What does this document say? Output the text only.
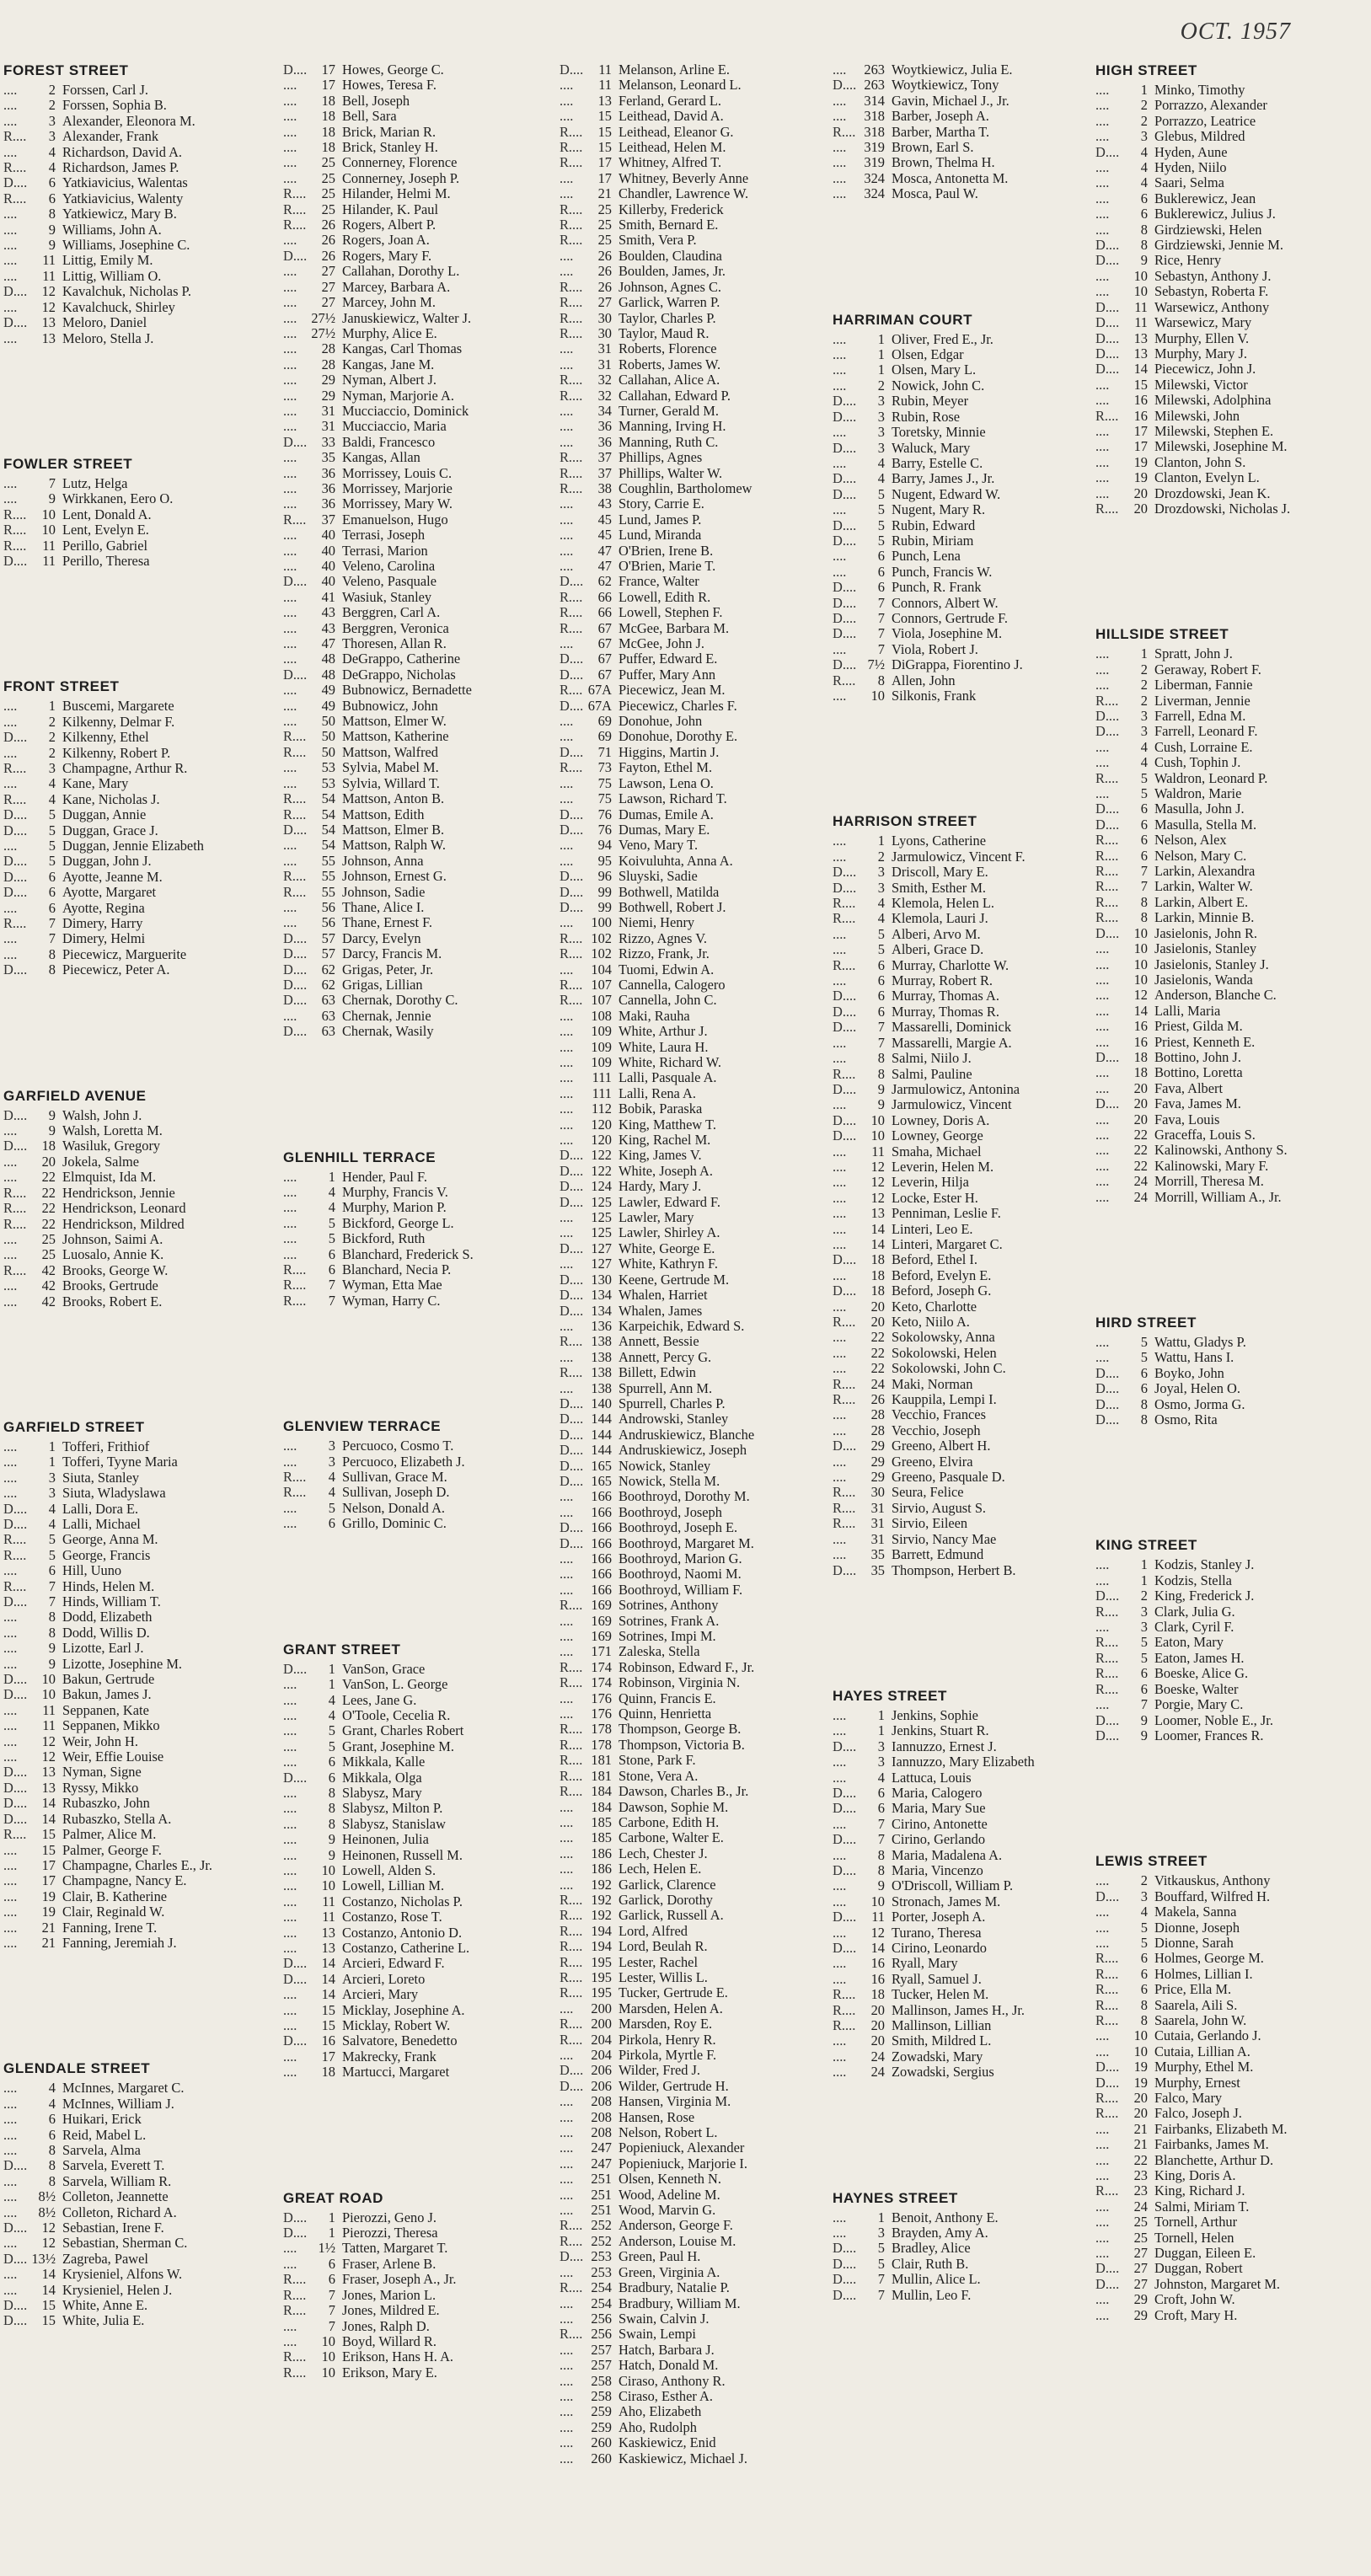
OCT. 1957
FOREST STREET
....	2 Forssen, Carl J.
....	2 Forssen, Sophia B.
....	3 Alexander, Eleonora M.
R....	3 Alexander, Frank
....	4 Richardson, David A.
R....	4 Richardson, James P.
D....	6 Yatkiavicius, Walentas
R....	6 Yatkiavicius, Walenty
....	8 Yatkiewicz, Mary B.
....	9 Williams, John A.
....	9 Williams, Josephine C.
....	11 Littig, Emily M.
....	11 Littig, William O.
D....	12 Kavalchuk, Nicholas P.
....	12 Kavalchuck, Shirley
D....	13 Meloro, Daniel
....	13 Meloro, Stella J.
FOWLER STREET
....	7 Lutz, Helga
....	9 Wirkkanen, Eero O.
R....	10 Lent, Donald A.
R....	10 Lent, Evelyn E.
R....	11 Perillo, Gabriel
D....	11 Perillo, Theresa
FRONT STREET
....	1 Buscemi, Margarete
....	2 Kilkenny, Delmar F.
D....	2 Kilkenny, Ethel
....	2 Kilkenny, Robert P.
R....	3 Champagne, Arthur R.
....	4 Kane, Mary
R....	4 Kane, Nicholas J.
D....	5 Duggan, Annie
D....	5 Duggan, Grace J.
....	5 Duggan, Jennie Elizabeth
D....	5 Duggan, John J.
D....	6 Ayotte, Jeanne M.
D....	6 Ayotte, Margaret
....	6 Ayotte, Regina
R....	7 Dimery, Harry
....	7 Dimery, Helmi
....	8 Piecewicz, Marguerite
D....	8 Piecewicz, Peter A.
GARFIELD AVENUE
D....	9 Walsh, John J.
....	9 Walsh, Loretta M.
D....	18 Wasiluk, Gregory
....	20 Jokela, Salme
....	22 Elmquist, Ida M.
R....	22 Hendrickson, Jennie
R....	22 Hendrickson, Leonard
R....	22 Hendrickson, Mildred
....	25 Johnson, Saimi A.
....	25 Luosalo, Annie K.
R....	42 Brooks, George W.
....	42 Brooks, Gertrude
....	42 Brooks, Robert E.
GARFIELD STREET
....	1 Tofferi, Frithiof
....	1 Tofferi, Tyyne Maria
....	3 Siuta, Stanley
....	3 Siuta, Wladyslawa
D....	4 Lalli, Dora E.
D....	4 Lalli, Michael
R....	5 George, Anna M.
R....	5 George, Francis
....	6 Hill, Uuno
R....	7 Hinds, Helen M.
D....	7 Hinds, William T.
....	8 Dodd, Elizabeth
....	8 Dodd, Willis D.
....	9 Lizotte, Earl J.
....	9 Lizotte, Josephine M.
D....	10 Bakun, Gertrude
D....	10 Bakun, James J.
....	11 Seppanen, Kate
....	11 Seppanen, Mikko
....	12 Weir, John H.
....	12 Weir, Effie Louise
D....	13 Nyman, Signe
D....	13 Ryssy, Mikko
D....	14 Rubaszko, John
D....	14 Rubaszko, Stella A.
R....	15 Palmer, Alice M.
....	15 Palmer, George F.
....	17 Champagne, Charles E., Jr.
....	17 Champagne, Nancy E.
....	19 Clair, B. Katherine
....	19 Clair, Reginald W.
....	21 Fanning, Irene T.
....	21 Fanning, Jeremiah J.
GLENDALE STREET
....	4 McInnes, Margaret C.
....	4 McInnes, William J.
....	6 Huikari, Erick
....	6 Reid, Mabel L.
....	8 Sarvela, Alma
D....	8 Sarvela, Everett T.
....	8 Sarvela, William R.
....	8½ Colleton, Jeannette
....	8½ Colleton, Richard A.
D....	12 Sebastian, Irene F.
....	12 Sebastian, Sherman C.
D.... 13½ Zagreba, Pawel
....	14 Krysieniel, Alfons W.
....	14 Krysieniel, Helen J.
D....	15 White, Anne E.
D....	15 White, Julia E.
D....	17 Howes, George C.
....	17 Howes, Teresa F.
....	18 Bell, Joseph
....	18 Bell, Sara
....	18 Brick, Marian R.
....	18 Brick, Stanley H.
....	25 Connerney, Florence
....	25 Connerney, Joseph P.
R....	25 Hilander, Helmi M.
R....	25 Hilander, K. Paul
R....	26 Rogers, Albert P.
....	26 Rogers, Joan A.
D....	26 Rogers, Mary F.
....	27 Callahan, Dorothy L.
....	27 Marcey, Barbara A.
....	27 Marcey, John M.
....	27½ Januskiewicz, Walter J.
....	27½ Murphy, Alice E.
....	28 Kangas, Carl Thomas
....	28 Kangas, Jane M.
....	29 Nyman, Albert J.
....	29 Nyman, Marjorie A.
....	31 Mucciaccio, Dominick
....	31 Mucciaccio, Maria
D....	33 Baldi, Francesco
....	35 Kangas, Allan
....	36 Morrissey, Louis C.
....	36 Morrissey, Marjorie
....	36 Morrissey, Mary W.
R....	37 Emanuelson, Hugo
....	40 Terrasi, Joseph
....	40 Terrasi, Marion
....	40 Veleno, Carolina
D....	40 Veleno, Pasquale
....	41 Wasiuk, Stanley
....	43 Berggren, Carl A.
....	43 Berggren, Veronica
....	47 Thoresen, Allan R.
....	48 DeGrappo, Catherine
D....	48 DeGrappo, Nicholas
....	49 Bubnowicz, Bernadette
....	49 Bubnowicz, John
....	50 Mattson, Elmer W.
R....	50 Mattson, Katherine
R....	50 Mattson, Walfred
....	53 Sylvia, Mabel M.
....	53 Sylvia, Willard T.
R....	54 Mattson, Anton B.
R....	54 Mattson, Edith
D....	54 Mattson, Elmer B.
....	54 Mattson, Ralph W.
....	55 Johnson, Anna
R....	55 Johnson, Ernest G.
R....	55 Johnson, Sadie
....	56 Thane, Alice I.
....	56 Thane, Ernest F.
D....	57 Darcy, Evelyn
D....	57 Darcy, Francis M.
D....	62 Grigas, Peter, Jr.
D....	62 Grigas, Lillian
D....	63 Chernak, Dorothy C.
....	63 Chernak, Jennie
D....	63 Chernak, Wasily
GLENHILL TERRACE
....	1 Hender, Paul F.
....	4 Murphy, Francis V.
....	4 Murphy, Marion P.
....	5 Bickford, George L.
....	5 Bickford, Ruth
....	6 Blanchard, Frederick S.
R....	6 Blanchard, Necia P.
R....	7 Wyman, Etta Mae
R....	7 Wyman, Harry C.
GLENVIEW TERRACE
....	3 Percuoco, Cosmo T.
....	3 Percuoco, Elizabeth J.
R....	4 Sullivan, Grace M.
R....	4 Sullivan, Joseph D.
....	5 Nelson, Donald A.
....	6 Grillo, Dominic C.
GRANT STREET
D....	1 VanSon, Grace
....	1 VanSon, L. George
....	4 Lees, Jane G.
....	4 O'Toole, Cecelia R.
....	5 Grant, Charles Robert
....	5 Grant, Josephine M.
....	6 Mikkala, Kalle
D....	6 Mikkala, Olga
....	8 Slabysz, Mary
....	8 Slabysz, Milton P.
....	8 Slabysz, Stanislaw
....	9 Heinonen, Julia
....	9 Heinonen, Russell M.
....	10 Lowell, Alden S.
....	10 Lowell, Lillian M.
....	11 Costanzo, Nicholas P.
....	11 Costanzo, Rose T.
....	13 Costanzo, Antonio D.
....	13 Costanzo, Catherine L.
D....	14 Arcieri, Edward F.
D....	14 Arcieri, Loreto
....	14 Arcieri, Mary
....	15 Micklay, Josephine A.
....	15 Micklay, Robert W.
D....	16 Salvatore, Benedetto
....	17 Makrecky, Frank
....	18 Martucci, Margaret
GREAT ROAD
D....	1 Pierozzi, Geno J.
D....	1 Pierozzi, Theresa
....	1½ Tatten, Margaret T.
....	6 Fraser, Arlene B.
R....	6 Fraser, Joseph A., Jr.
R....	7 Jones, Marion L.
R....	7 Jones, Mildred E.
....	7 Jones, Ralph D.
....	10 Boyd, Willard R.
R....	10 Erikson, Hans H. A.
R....	10 Erikson, Mary E.
D....	11 Melanson, Arline E.
....	11 Melanson, Leonard L.
....	13 Ferland, Gerard L.
....	15 Leithead, David A.
R....	15 Leithead, Eleanor G.
R....	15 Leithead, Helen M.
R....	17 Whitney, Alfred T.
....	17 Whitney, Beverly Anne
....	21 Chandler, Lawrence W.
R....	25 Killerby, Frederick
R....	25 Smith, Bernard E.
R....	25 Smith, Vera P.
....	26 Boulden, Claudina
....	26 Boulden, James, Jr.
R....	26 Johnson, Agnes C.
R....	27 Garlick, Warren P.
R....	30 Taylor, Charles P.
R....	30 Taylor, Maud R.
....	31 Roberts, Florence
....	31 Roberts, James W.
R....	32 Callahan, Alice A.
R....	32 Callahan, Edward P.
....	34 Turner, Gerald M.
....	36 Manning, Irving H.
....	36 Manning, Ruth C.
R....	37 Phillips, Agnes
R....	37 Phillips, Walter W.
R....	38 Coughlin, Bartholomew
....	43 Story, Carrie E.
....	45 Lund, James P.
....	45 Lund, Miranda
....	47 O'Brien, Irene B.
....	47 O'Brien, Marie T.
D....	62 France, Walter
R....	66 Lowell, Edith R.
R....	66 Lowell, Stephen F.
R....	67 McGee, Barbara M.
....	67 McGee, John J.
D....	67 Puffer, Edward E.
D....	67 Puffer, Mary Ann
R.... 67A Piecewicz, Jean M.
D.... 67A Piecewicz, Charles F.
....	69 Donohue, John
....	69 Donohue, Dorothy E.
D....	71 Higgins, Martin J.
R....	73 Fayton, Ethel M.
....	75 Lawson, Lena O.
....	75 Lawson, Richard T.
D....	76 Dumas, Emile A.
D....	76 Dumas, Mary E.
....	94 Veno, Mary T.
....	95 Koivuluhta, Anna A.
D....	96 Sluyski, Sadie
D....	99 Bothwell, Matilda
D....	99 Bothwell, Robert J.
....	100 Niemi, Henry
R.... 102 Rizzo, Agnes V.
R.... 102 Rizzo, Frank, Jr.
....	104 Tuomi, Edwin A.
R.... 107 Cannella, Calogero
R.... 107 Cannella, John C.
....	108 Maki, Rauha
....	109 White, Arthur J.
....	109 White, Laura H.
....	109 White, Richard W.
....	111 Lalli, Pasquale A.
....	111 Lalli, Rena A.
....	112 Bobik, Paraska
....	120 King, Matthew T.
....	120 King, Rachel M.
D.... 122 King, James V.
D.... 122 White, Joseph A.
D.... 124 Hardy, Mary J.
D.... 125 Lawler, Edward F.
....	125 Lawler, Mary
....	125 Lawler, Shirley A.
D.... 127 White, George E.
....	127 White, Kathryn F.
D.... 130 Keene, Gertrude M.
D.... 134 Whalen, Harriet
D.... 134 Whalen, James
....	136 Karpeichik, Edward S.
R.... 138 Annett, Bessie
....	138 Annett, Percy G.
R.... 138 Billett, Edwin
....	138 Spurrell, Ann M.
D.... 140 Spurrell, Charles P.
D.... 144 Androwski, Stanley
D.... 144 Andruskiewicz, Blanche
D.... 144 Andruskiewicz, Joseph
D.... 165 Nowick, Stanley
D.... 165 Nowick, Stella M.
....	166 Boothroyd, Dorothy M.
....	166 Boothroyd, Joseph
D.... 166 Boothroyd, Joseph E.
D.... 166 Boothroyd, Margaret M.
....	166 Boothroyd, Marion G.
....	166 Boothroyd, Naomi M.
....	166 Boothroyd, William F.
R.... 169 Sotrines, Anthony
....	169 Sotrines, Frank A.
....	169 Sotrines, Impi M.
....	171 Zaleska, Stella
R.... 174 Robinson, Edward F., Jr.
R.... 174 Robinson, Virginia N.
....	176 Quinn, Francis E.
....	176 Quinn, Henrietta
R.... 178 Thompson, George B.
R.... 178 Thompson, Victoria B.
R.... 181 Stone, Park F.
R.... 181 Stone, Vera A.
R.... 184 Dawson, Charles B., Jr.
....	184 Dawson, Sophie M.
....	185 Carbone, Edith H.
....	185 Carbone, Walter E.
....	186 Lech, Chester J.
....	186 Lech, Helen E.
....	192 Garlick, Clarence
R.... 192 Garlick, Dorothy
R.... 192 Garlick, Russell A.
R.... 194 Lord, Alfred
R.... 194 Lord, Beulah R.
R.... 195 Lester, Rachel
R.... 195 Lester, Willis L.
R.... 195 Tucker, Gertrude E.
....	200 Marsden, Helen A.
R.... 200 Marsden, Roy E.
R.... 204 Pirkola, Henry R.
....	204 Pirkola, Myrtle F.
D.... 206 Wilder, Fred J.
D.... 206 Wilder, Gertrude H.
....	208 Hansen, Virginia M.
....	208 Hansen, Rose
....	208 Nelson, Robert L.
....	247 Popieniuck, Alexander
....	247 Popieniuck, Marjorie I.
....	251 Olsen, Kenneth N.
....	251 Wood, Adeline M.
....	251 Wood, Marvin G.
R.... 252 Anderson, George F.
R.... 252 Anderson, Louise M.
D.... 253 Green, Paul H.
....	253 Green, Virginia A.
R.... 254 Bradbury, Natalie P.
....	254 Bradbury, William M.
....	256 Swain, Calvin J.
R.... 256 Swain, Lempi
....	257 Hatch, Barbara J.
....	257 Hatch, Donald M.
....	258 Ciraso, Anthony R.
....	258 Ciraso, Esther A.
....	259 Aho, Elizabeth
....	259 Aho, Rudolph
....	260 Kaskiewicz, Enid
....	260 Kaskiewicz, Michael J.
....	263 Woytkiewicz, Julia E.
D.... 263 Woytkiewicz, Tony
....	314 Gavin, Michael J., Jr.
....	318 Barber, Joseph A.
R.... 318 Barber, Martha T.
....	319 Brown, Earl S.
....	319 Brown, Thelma H.
....	324 Mosca, Antonetta M.
....	324 Mosca, Paul W.
HARRIMAN COURT
....	1 Oliver, Fred E., Jr.
....	1 Olsen, Edgar
....	1 Olsen, Mary L.
....	2 Nowick, John C.
D....	3 Rubin, Meyer
D....	3 Rubin, Rose
....	3 Toretsky, Minnie
D....	3 Waluck, Mary
....	4 Barry, Estelle C.
D....	4 Barry, James J., Jr.
D....	5 Nugent, Edward W.
....	5 Nugent, Mary R.
D....	5 Rubin, Edward
D....	5 Rubin, Miriam
....	6 Punch, Lena
....	6 Punch, Francis W.
D....	6 Punch, R. Frank
D....	7 Connors, Albert W.
D....	7 Connors, Gertrude F.
D....	7 Viola, Josephine M.
....	7 Viola, Robert J.
D.... 7½ DiGrappa, Fiorentino J.
R....	8 Allen, John
....	10 Silkonis, Frank
HARRISON STREET
....	1 Lyons, Catherine
....	2 Jarmulowicz, Vincent F.
D....	3 Driscoll, Mary E.
D....	3 Smith, Esther M.
R....	4 Klemola, Helen L.
R....	4 Klemola, Lauri J.
....	5 Alberi, Arvo M.
....	5 Alberi, Grace D.
R....	6 Murray, Charlotte W.
....	6 Murray, Robert R.
D....	6 Murray, Thomas A.
D....	6 Murray, Thomas R.
D....	7 Massarelli, Dominick
....	7 Massarelli, Margie A.
....	8 Salmi, Niilo J.
R....	8 Salmi, Pauline
D....	9 Jarmulowicz, Antonina
....	9 Jarmulowicz, Vincent
D....	10 Lowney, Doris A.
D....	10 Lowney, George
....	11 Smaha, Michael
....	12 Leverin, Helen M.
....	12 Leverin, Hilja
....	12 Locke, Ester H.
....	13 Penniman, Leslie F.
....	14 Linteri, Leo E.
....	14 Linteri, Margaret C.
D....	18 Beford, Ethel I.
....	18 Beford, Evelyn E.
D....	18 Beford, Joseph G.
....	20 Keto, Charlotte
R....	20 Keto, Niilo A.
....	22 Sokolowsky, Anna
....	22 Sokolowski, Helen
....	22 Sokolowski, John C.
R....	24 Maki, Norman
R....	26 Kauppila, Lempi I.
....	28 Vecchio, Frances
....	28 Vecchio, Joseph
D....	29 Greeno, Albert H.
....	29 Greeno, Elvira
....	29 Greeno, Pasquale D.
R....	30 Seura, Felice
R....	31 Sirvio, August S.
R....	31 Sirvio, Eileen
....	31 Sirvio, Nancy Mae
....	35 Barrett, Edmund
D....	35 Thompson, Herbert B.
HAYES STREET
....	1 Jenkins, Sophie
....	1 Jenkins, Stuart R.
D....	3 Iannuzzo, Ernest J.
....	3 Iannuzzo, Mary Elizabeth
....	4 Lattuca, Louis
D....	6 Maria, Calogero
D....	6 Maria, Mary Sue
....	7 Cirino, Antonette
D....	7 Cirino, Gerlando
....	8 Maria, Madalena A.
D....	8 Maria, Vincenzo
....	9 O'Driscoll, William P.
....	10 Stronach, James M.
D....	11 Porter, Joseph A.
....	12 Turano, Theresa
D....	14 Cirino, Leonardo
....	16 Ryall, Mary
....	16 Ryall, Samuel J.
R....	18 Tucker, Helen M.
R....	20 Mallinson, James H., Jr.
R....	20 Mallinson, Lillian
....	20 Smith, Mildred L.
....	24 Zowadski, Mary
....	24 Zowadski, Sergius
HAYNES STREET
....	1 Benoit, Anthony E.
....	3 Brayden, Amy A.
D....	5 Bradley, Alice
D....	5 Clair, Ruth B.
D....	7 Mullin, Alice L.
D....	7 Mullin, Leo F.
HIGH STREET
....	1 Minko, Timothy
....	2 Porrazzo, Alexander
....	2 Porrazzo, Leatrice
....	3 Glebus, Mildred
D....	4 Hyden, Aune
....	4 Hyden, Niilo
....	4 Saari, Selma
....	6 Buklerewicz, Jean
....	6 Buklerewicz, Julius J.
....	8 Girdziewski, Helen
D....	8 Girdziewski, Jennie M.
D....	9 Rice, Henry
....	10 Sebastyn, Anthony J.
....	10 Sebastyn, Roberta F.
D....	11 Warsewicz, Anthony
D....	11 Warsewicz, Mary
D....	13 Murphy, Ellen V.
D....	13 Murphy, Mary J.
D....	14 Piecewicz, John J.
....	15 Milewski, Victor
....	16 Milewski, Adolphina
R....	16 Milewski, John
....	17 Milewski, Stephen E.
....	17 Milewski, Josephine M.
....	19 Clanton, John S.
....	19 Clanton, Evelyn L.
....	20 Drozdowski, Jean K.
R....	20 Drozdowski, Nicholas J.
HILLSIDE STREET
....	1 Spratt, John J.
....	2 Geraway, Robert F.
....	2 Liberman, Fannie
R....	2 Liverman, Jennie
D....	3 Farrell, Edna M.
D....	3 Farrell, Leonard F.
....	4 Cush, Lorraine E.
....	4 Cush, Tophin J.
R....	5 Waldron, Leonard P.
....	5 Waldron, Marie
D....	6 Masulla, John J.
D....	6 Masulla, Stella M.
R....	6 Nelson, Alex
R....	6 Nelson, Mary C.
R....	7 Larkin, Alexandra
R....	7 Larkin, Walter W.
R....	8 Larkin, Albert E.
R....	8 Larkin, Minnie B.
D....	10 Jasielonis, John R.
....	10 Jasielonis, Stanley
....	10 Jasielonis, Stanley J.
....	10 Jasielonis, Wanda
....	12 Anderson, Blanche C.
....	14 Lalli, Maria
....	16 Priest, Gilda M.
....	16 Priest, Kenneth E.
D....	18 Bottino, John J.
....	18 Bottino, Loretta
....	20 Fava, Albert
D....	20 Fava, James M.
....	20 Fava, Louis
....	22 Graceffa, Louis S.
....	22 Kalinowski, Anthony S.
....	22 Kalinowski, Mary F.
....	24 Morrill, Theresa M.
....	24 Morrill, William A., Jr.
HIRD STREET
....	5 Wattu, Gladys P.
....	5 Wattu, Hans I.
D....	6 Boyko, John
D....	6 Joyal, Helen O.
D....	8 Osmo, Jorma G.
D....	8 Osmo, Rita
KING STREET
....	1 Kodzis, Stanley J.
....	1 Kodzis, Stella
D....	2 King, Frederick J.
R....	3 Clark, Julia G.
....	3 Clark, Cyril F.
R....	5 Eaton, Mary
R....	5 Eaton, James H.
R....	6 Boeske, Alice G.
R....	6 Boeske, Walter
....	7 Porgie, Mary C.
D....	9 Loomer, Noble E., Jr.
D....	9 Loomer, Frances R.
LEWIS STREET
....	2 Vitkauskus, Anthony
D....	3 Bouffard, Wilfred H.
....	4 Makela, Sanna
....	5 Dionne, Joseph
....	5 Dionne, Sarah
R....	6 Holmes, George M.
R....	6 Holmes, Lillian I.
R....	6 Price, Ella M.
R....	8 Saarela, Aili S.
R....	8 Saarela, John W.
....	10 Cutaia, Gerlando J.
....	10 Cutaia, Lillian A.
D....	19 Murphy, Ethel M.
D....	19 Murphy, Ernest
R....	20 Falco, Mary
R....	20 Falco, Joseph J.
....	21 Fairbanks, Elizabeth M.
....	21 Fairbanks, James M.
....	22 Blanchette, Arthur D.
....	23 King, Doris A.
R....	23 King, Richard J.
....	24 Salmi, Miriam T.
....	25 Tornell, Arthur
....	25 Tornell, Helen
....	27 Duggan, Eileen E.
D....	27 Duggan, Robert
D....	27 Johnston, Margaret M.
....	29 Croft, John W.
....	29 Croft, Mary H.
